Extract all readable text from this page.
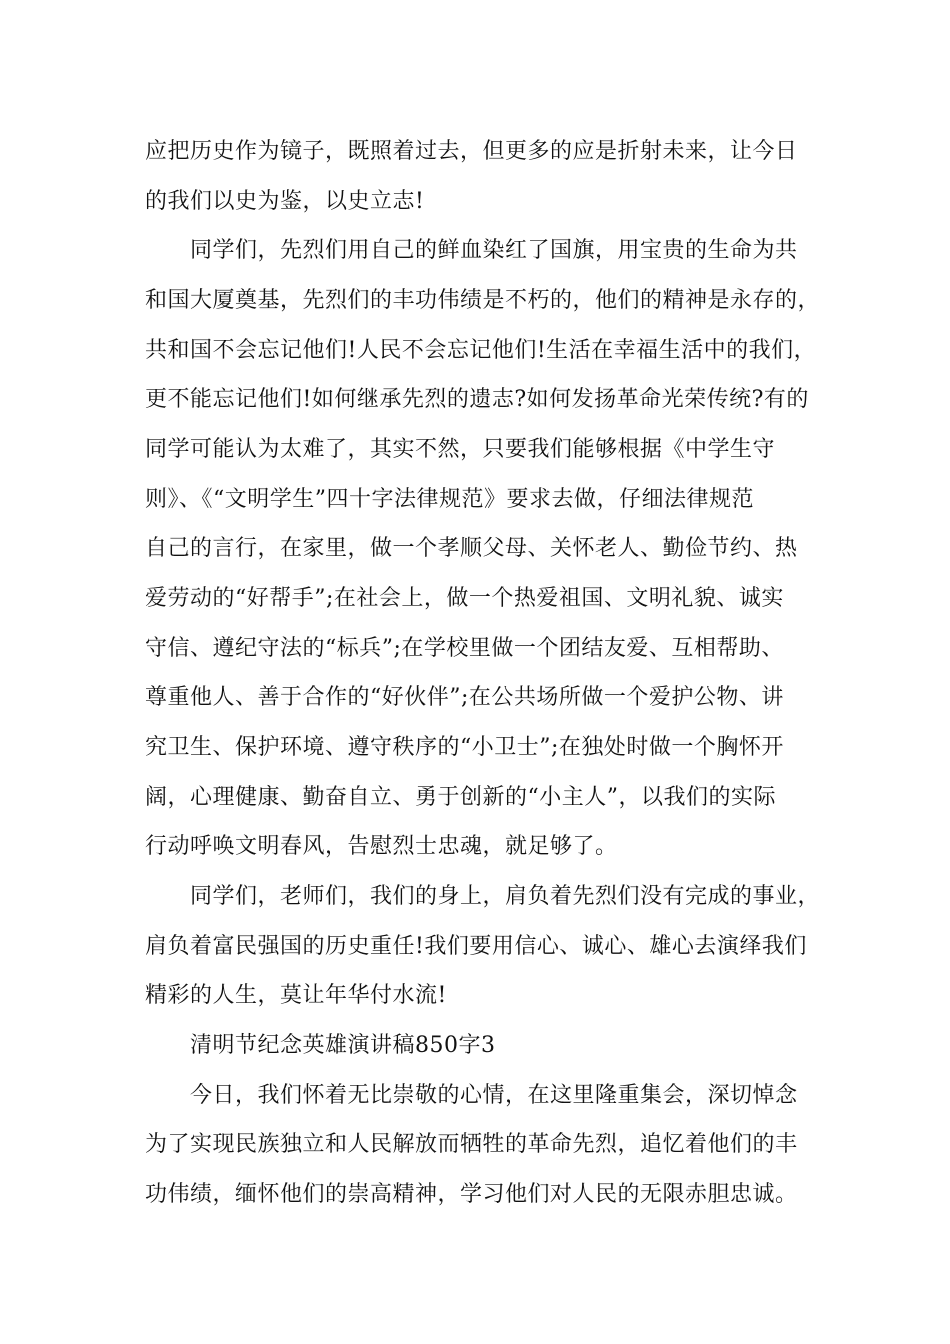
应把历史作为镜子，既照着过去，但更多的应是折射未来，让今日
的我们以史为鉴，以史立志!
同学们，先烈们用自己的鲜血染红了国旗，用宝贵的生命为共
和国大厦奠基，先烈们的丰功伟绩是不朽的，他们的精神是永存的，
共和国不会忘记他们!人民不会忘记他们!生活在幸福生活中的我们，
更不能忘记他们!如何继承先烈的遗志?如何发扬革命光荣传统?有的
同学可能认为太难了，其实不然，只要我们能够根据《中学生守
则》、《“文明学生”四十字法律规范》要求去做，仔细法律规范
自己的言行，在家里，做一个孝顺父母、关怀老人、勤俭节约、热
爱劳动的“好帮手”;在社会上，做一个热爱祖国、文明礼貌、诚实
守信、遵纪守法的“标兵”;在学校里做一个团结友爱、互相帮助、
尊重他人、善于合作的“好伙伴”;在公共场所做一个爱护公物、讲
究卫生、保护环境、遵守秩序的“小卫士”;在独处时做一个胸怀开
阔，心理健康、勤奋自立、勇于创新的“小主人”，以我们的实际
行动呼唤文明春风，告慰烈士忠魂，就足够了。
同学们，老师们，我们的身上，肩负着先烈们没有完成的事业，
肩负着富民强国的历史重任!我们要用信心、诚心、雄心去演绎我们
精彩的人生，莫让年华付水流!
清明节纪念英雄演讲稿850字3
今日，我们怀着无比崇敬的心情，在这里隆重集会，深切悼念
为了实现民族独立和人民解放而牺牲的革命先烈，追忆着他们的丰
功伟绩，缅怀他们的崇高精神，学习他们对人民的无限赤胆忠诚。
